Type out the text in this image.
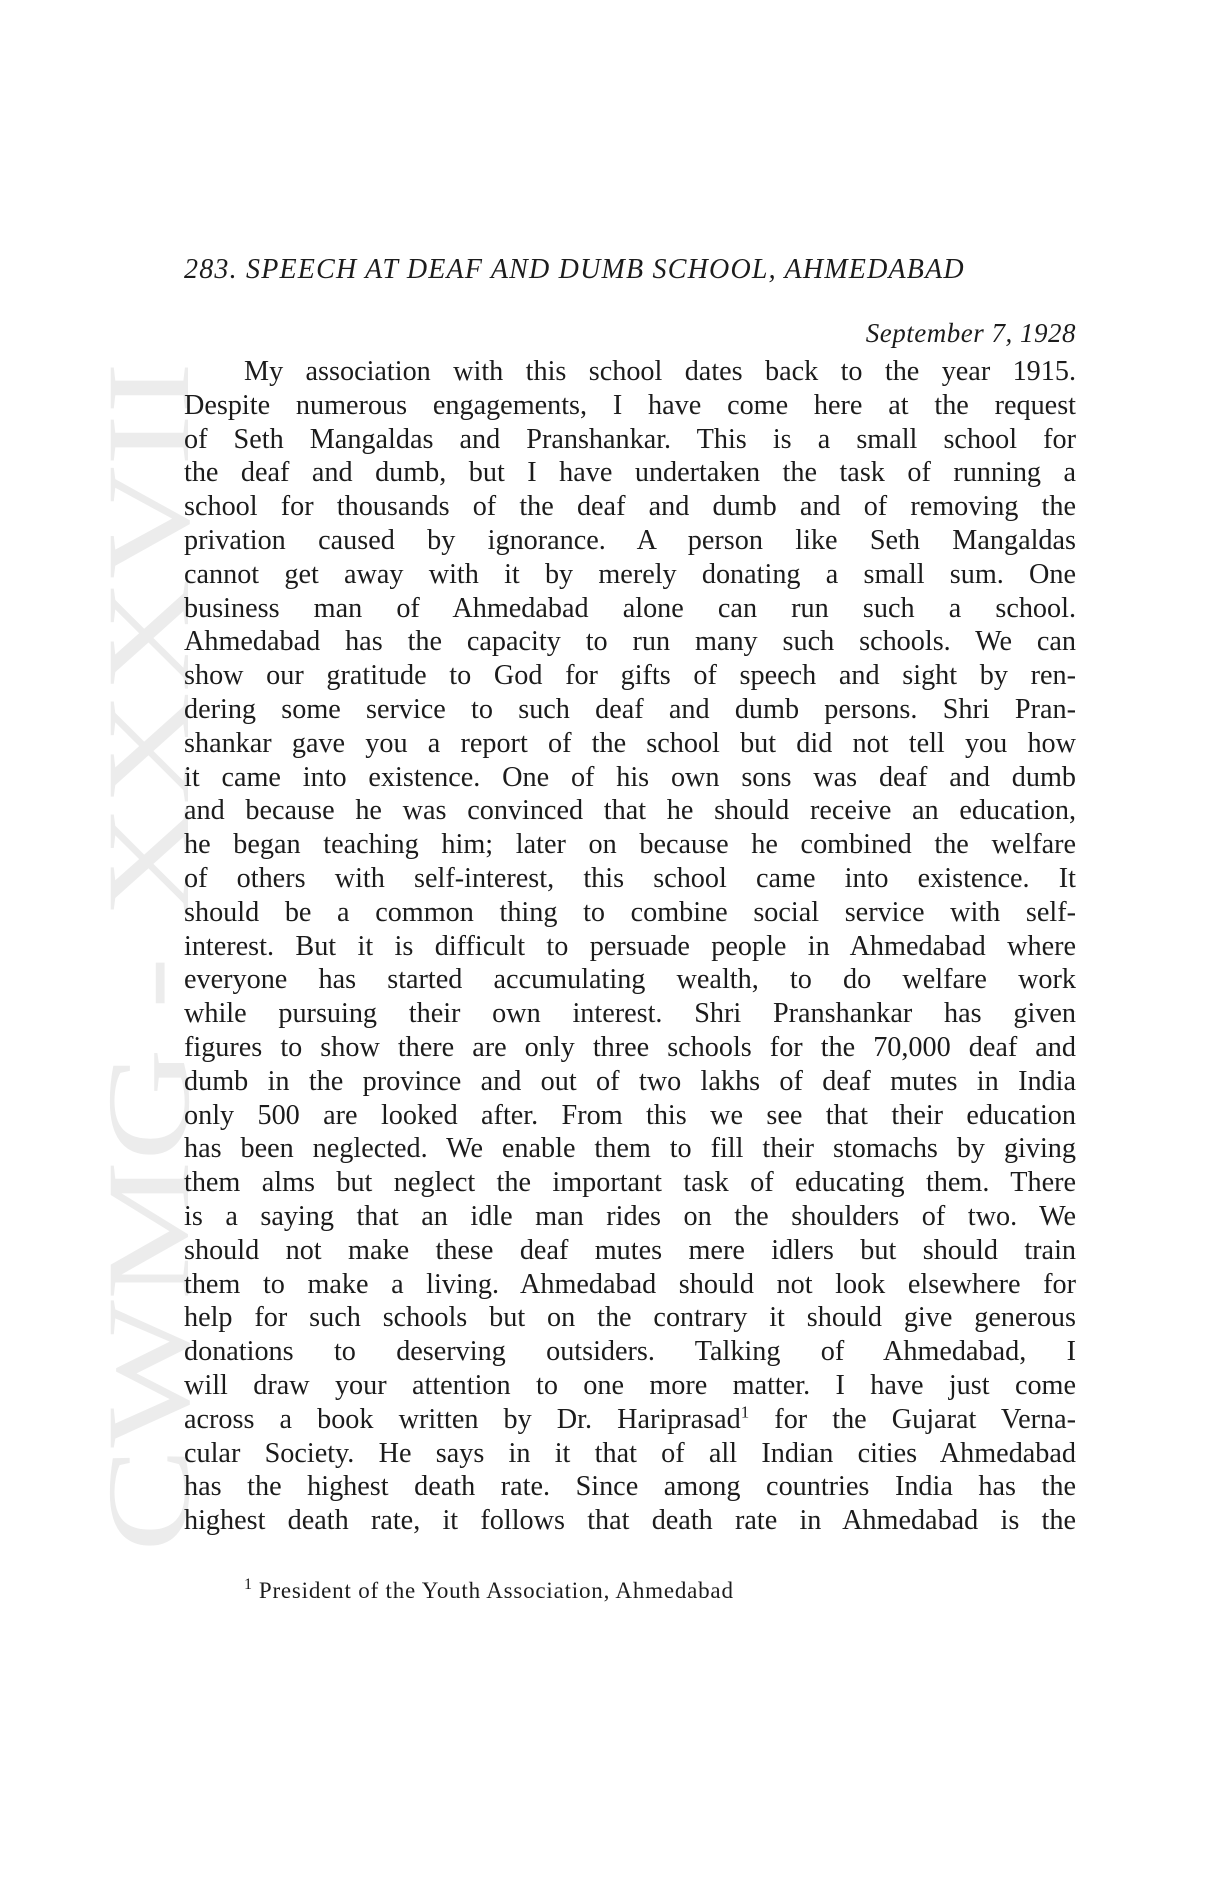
CWMG - XXXVII
283. SPEECH AT DEAF AND DUMB SCHOOL, AHMEDABAD
September 7, 1928
My association with this school dates back to the year 1915.
Despite numerous engagements, I have come here at the request
of Seth Mangaldas and Pranshankar. This is a small school for
the deaf and dumb, but I have undertaken the task of running a
school for thousands of the deaf and dumb and of removing the
privation caused by ignorance. A person like Seth Mangaldas
cannot get away with it by merely donating a small sum. One
business man of Ahmedabad alone can run such a school.
Ahmedabad has the capacity to run many such schools. We can
show our gratitude to God for gifts of speech and sight by ren-
dering some service to such deaf and dumb persons. Shri Pran-
shankar gave you a report of the school but did not tell you how
it came into existence. One of his own sons was deaf and dumb
and because he was convinced that he should receive an education,
he began teaching him; later on because he combined the welfare
of others with self-interest, this school came into existence. It
should be a common thing to combine social service with self-
interest. But it is difficult to persuade people in Ahmedabad where
everyone has started accumulating wealth, to do welfare work
while pursuing their own interest. Shri Pranshankar has given
figures to show there are only three schools for the 70,000 deaf and
dumb in the province and out of two lakhs of deaf mutes in India
only 500 are looked after. From this we see that their education
has been neglected. We enable them to fill their stomachs by giving
them alms but neglect the important task of educating them. There
is a saying that an idle man rides on the shoulders of two. We
should not make these deaf mutes mere idlers but should train
them to make a living. Ahmedabad should not look elsewhere for
help for such schools but on the contrary it should give generous
donations to deserving outsiders. Talking of Ahmedabad, I
will draw your attention to one more matter. I have just come
across a book written by Dr. Hariprasad$^1$ for the Gujarat Verna-
cular Society. He says in it that of all Indian cities Ahmedabad
has the highest death rate. Since among countries India has the
highest death rate, it follows that death rate in Ahmedabad is the
$^1$ President of the Youth Association, Ahmedabad
